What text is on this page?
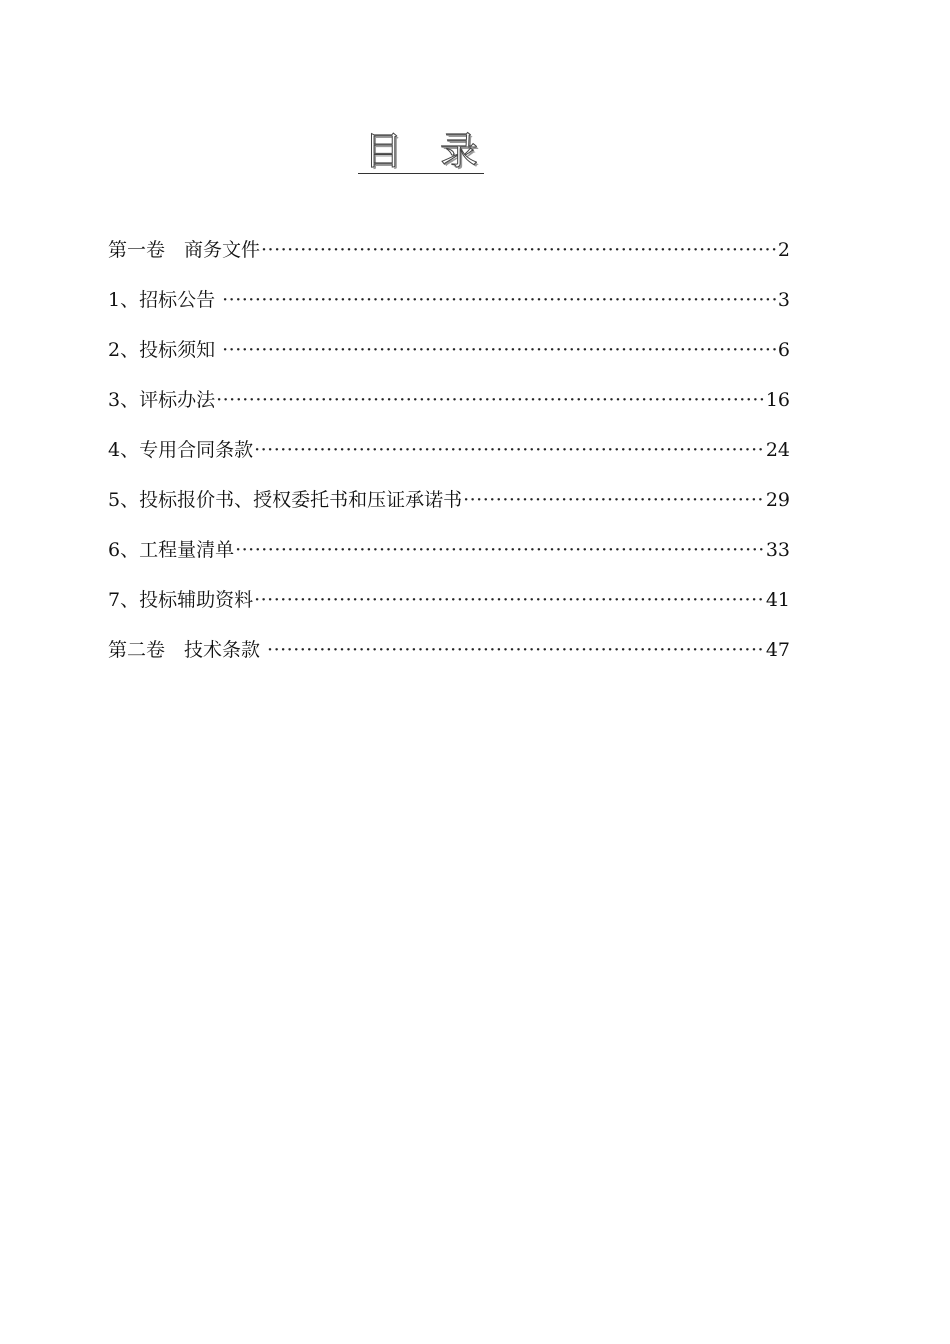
目 录
第一卷　商务文件 ·····	2
1、招标公告 ·····	3
2、投标须知 ·····	6
3、评标办法 ·····	16
4、专用合同条款 ·····	24
5、投标报价书、授权委托书和压证承诺书 ·····	29
6、工程量清单 ·····	33
7、投标辅助资料 ·····	41
第二卷　技术条款 ·····	47
